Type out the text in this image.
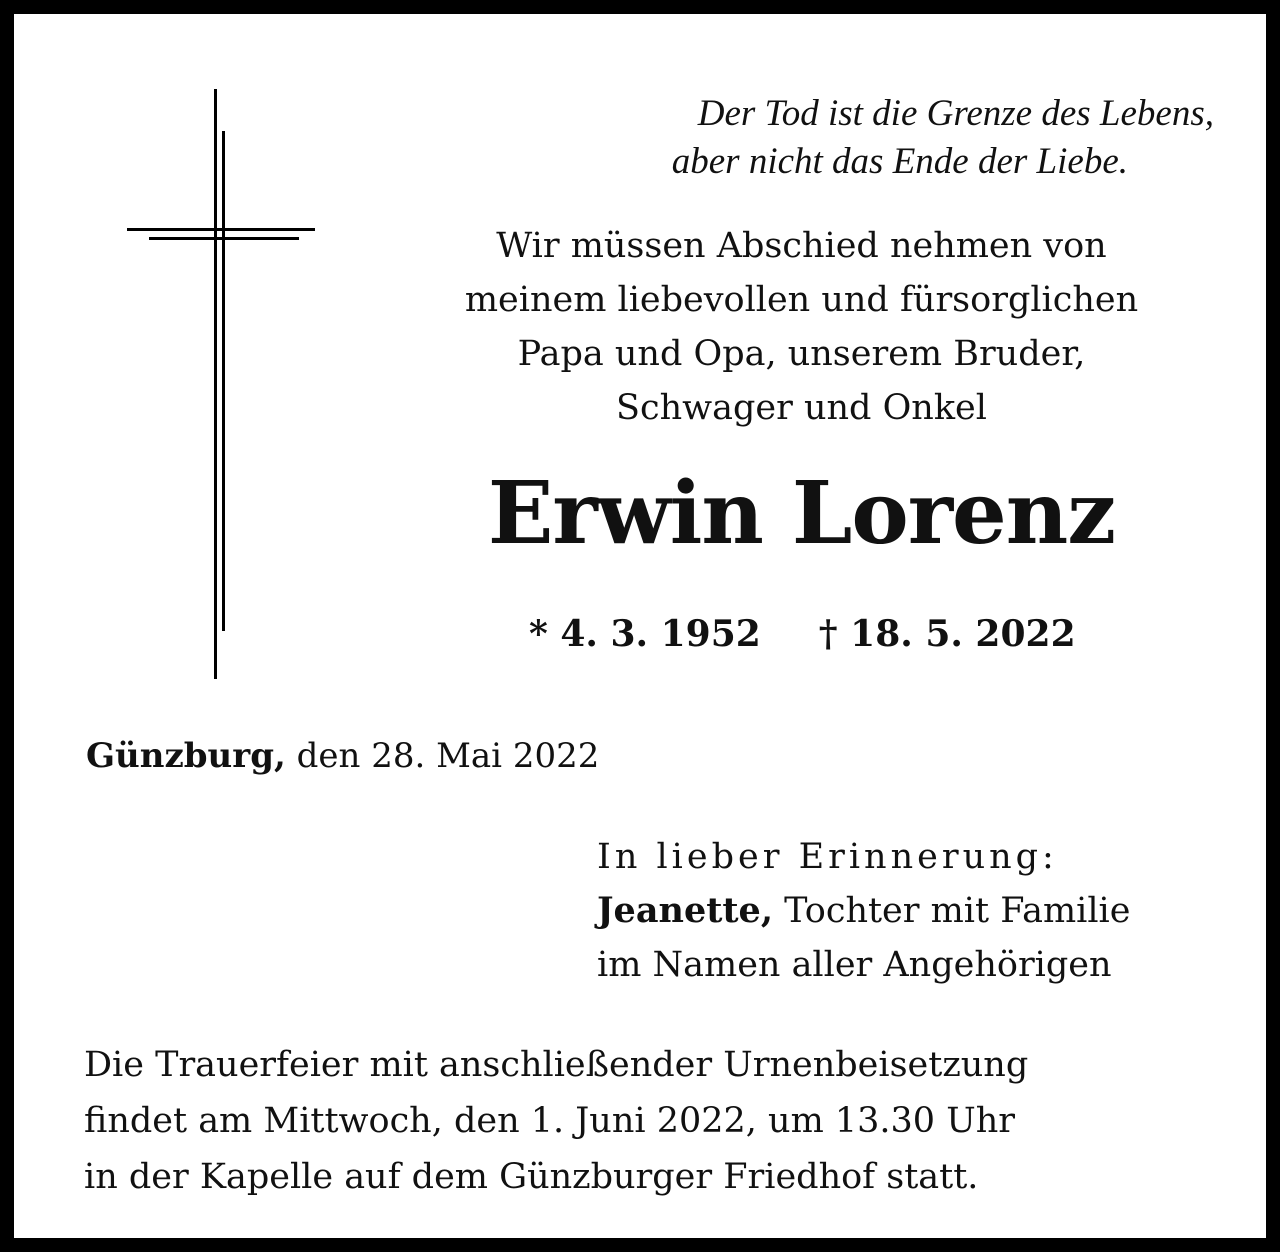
Der Tod ist die Grenze des Lebens,

aber nicht das Ende der Liebe.
Wir müssen Abschied nehmen von
meinem liebevollen und fürsorglichen
Papa und Opa, unserem Bruder,
Schwager und Onkel
Erwin Lorenz
* 4. 3. 1952 † 18. 5. 2022
Günzburg, den 28. Mai 2022
In lieber Erinnerung:
Jeanette, Tochter mit Familie
im Namen aller Angehörigen
Die Trauerfeier mit anschließender Urnenbeisetzung
findet am Mittwoch, den 1. Juni 2022, um 13.30 Uhr
in der Kapelle auf dem Günzburger Friedhof statt.
